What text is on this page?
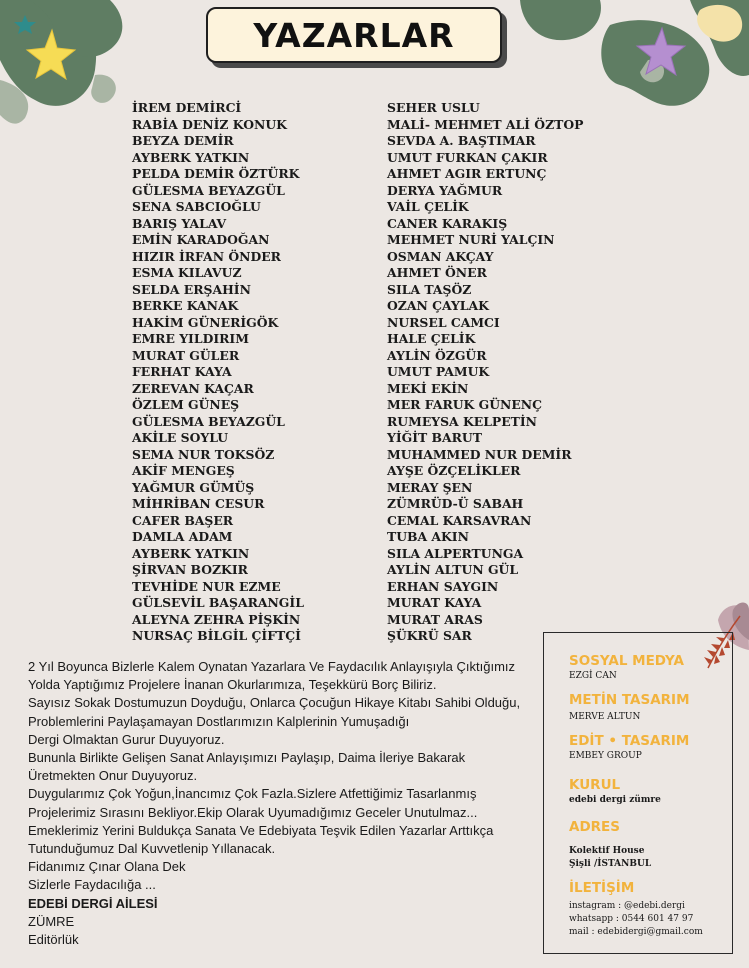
YAZARLAR
İREM DEMİRCİ
RABİA DENİZ KONUK
BEYZA DEMİR
AYBERK YATKIN
PELDA DEMİR ÖZTÜRK
GÜLESMA BEYAZGÜL
SENA SABCIOĞLU
BARIŞ YALAV
EMİN KARADOĞAN
HIZIR İRFAN ÖNDER
ESMA KILAVUZ
SELDA ERŞAHİN
BERKE KANAK
HAKİM GÜNERİGÖK
EMRE YILDIRIM
MURAT GÜLER
FERHAT KAYA
ZEREVAN KAÇAR
ÖZLEM GÜNEŞ
GÜLESMA BEYAZGÜL
AKİLE SOYLU
SEMA NUR TOKSÖZ
AKİF MENGEŞ
YAĞMUR GÜMÜŞ
MİHRİBAN CESUR
CAFER BAŞER
DAMLA ADAM
AYBERK YATKIN
ŞİRVAN BOZKIR
TEVHİDE NUR EZME
GÜLSEVİL BAŞARANGİL
ALEYNA ZEHRA PİŞKİN
NURSAÇ BİLGİL ÇİFTÇİ
SEHER USLU
MALİ- MEHMET ALİ ÖZTOP
SEVDA A. BAŞTIMAR
UMUT FURKAN ÇAKIR
AHMET AGIR ERTUNÇ
DERYA YAĞMUR
VAİL ÇELİK
CANER KARAKIŞ
MEHMET NURİ YALÇIN
OSMAN AKÇAY
AHMET ÖNER
SILA TAŞÖZ
OZAN ÇAYLAK
NURSEL CAMCI
HALE ÇELİK
AYLİN ÖZGÜR
UMUT PAMUK
MEKİ EKİN
MER FARUK GÜNENÇ
RUMEYSA KELPETİN
YİĞİT BARUT
MUHAMMED NUR DEMİR
AYŞE ÖZÇELİKLER
MERAY ŞEN
ZÜMRÜD-Ü SABAH
CEMAL KARSAVRAN
TUBA AKIN
SILA ALPERTUNGA
AYLİN ALTUN GÜL
ERHAN SAYGIN
MURAT KAYA
MURAT ARAS
ŞÜKRÜ SAR
2 Yıl Boyunca Bizlerle Kalem Oynatan Yazarlara Ve Faydacılık Anlayışıyla Çıktığımız
Yolda Yaptığımız Projelere İnanan Okurlarımıza, Teşekkürü Borç Biliriz.
Sayısız Sokak Dostumuzun Doyduğu, Onlarca Çocuğun Hikaye Kitabı Sahibi Olduğu,
Problemlerini Paylaşamayan Dostlarımızın Kalplerinin Yumuşadığı
Dergi Olmaktan Gurur Duyuyoruz.
Bununla Birlikte Gelişen Sanat Anlayışımızı Paylaşıp, Daima İleriye Bakarak
Üretmekten Onur Duyuyoruz.
Duygularımız Çok Yoğun,İnancımız Çok Fazla.Sizlere Atfettiğimiz Tasarlanmış
Projelerimiz Sırasını Bekliyor.Ekip Olarak Uyumadığımız Geceler Unutulmaz...
Emeklerimiz Yerini Buldukça Sanata Ve Edebiyata Teşvik Edilen Yazarlar Arttıkça
Tutunduğumuz Dal Kuvvetlenip Yıllanacak.
Fidanımız Çınar Olana Dek
Sizlerle Faydacılığa ...
EDEBİ DERGİ AİLESİ
ZÜMRE
Editörlük
SOSYAL MEDYA
EZGİ CAN
METİN TASARIM
MERVE ALTUN
EDİT • TASARIM
EMBEY GROUP
KURUL
edebi dergi zümre
ADRES
Kolektif House
Şişli /İSTANBUL
İLETİŞİM
instagram : @edebi.dergi
whatsapp : 0544 601 47 97
mail : edebidergi@gmail.com
